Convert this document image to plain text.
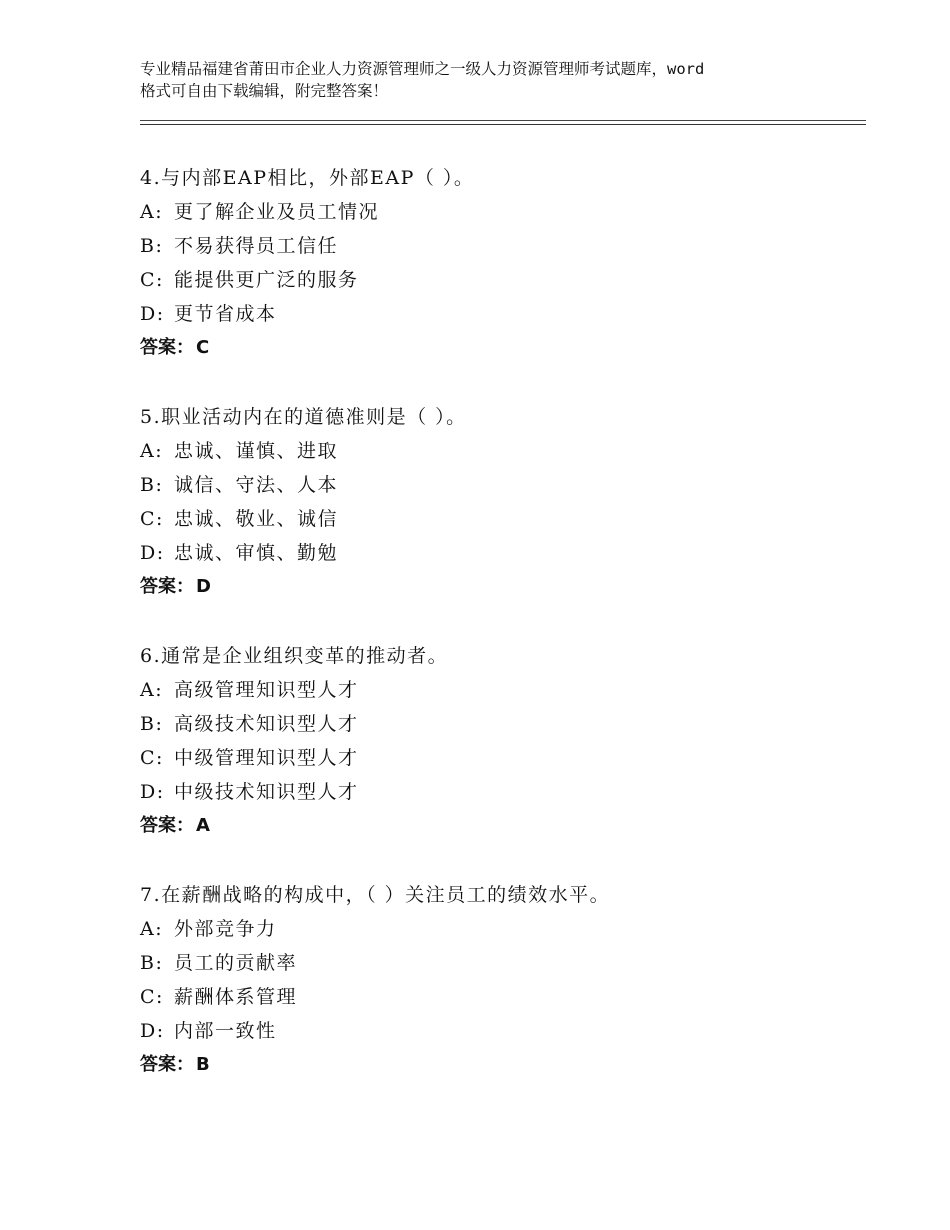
专业精品福建省莆田市企业人力资源管理师之一级人力资源管理师考试题库，word
格式可自由下载编辑，附完整答案！
4.与内部EAP相比，外部EAP（ ）。
A: 更了解企业及员工情况
B: 不易获得员工信任
C: 能提供更广泛的服务
D: 更节省成本
答案： C
5.职业活动内在的道德准则是（ ）。
A: 忠诚、谨慎、进取
B: 诚信、守法、人本
C: 忠诚、敬业、诚信
D: 忠诚、审慎、勤勉
答案： D
6.通常是企业组织变革的推动者。
A: 高级管理知识型人才
B: 高级技术知识型人才
C: 中级管理知识型人才
D: 中级技术知识型人才
答案： A
7.在薪酬战略的构成中，（ ）关注员工的绩效水平。
A: 外部竞争力
B: 员工的贡献率
C: 薪酬体系管理
D: 内部一致性
答案： B
